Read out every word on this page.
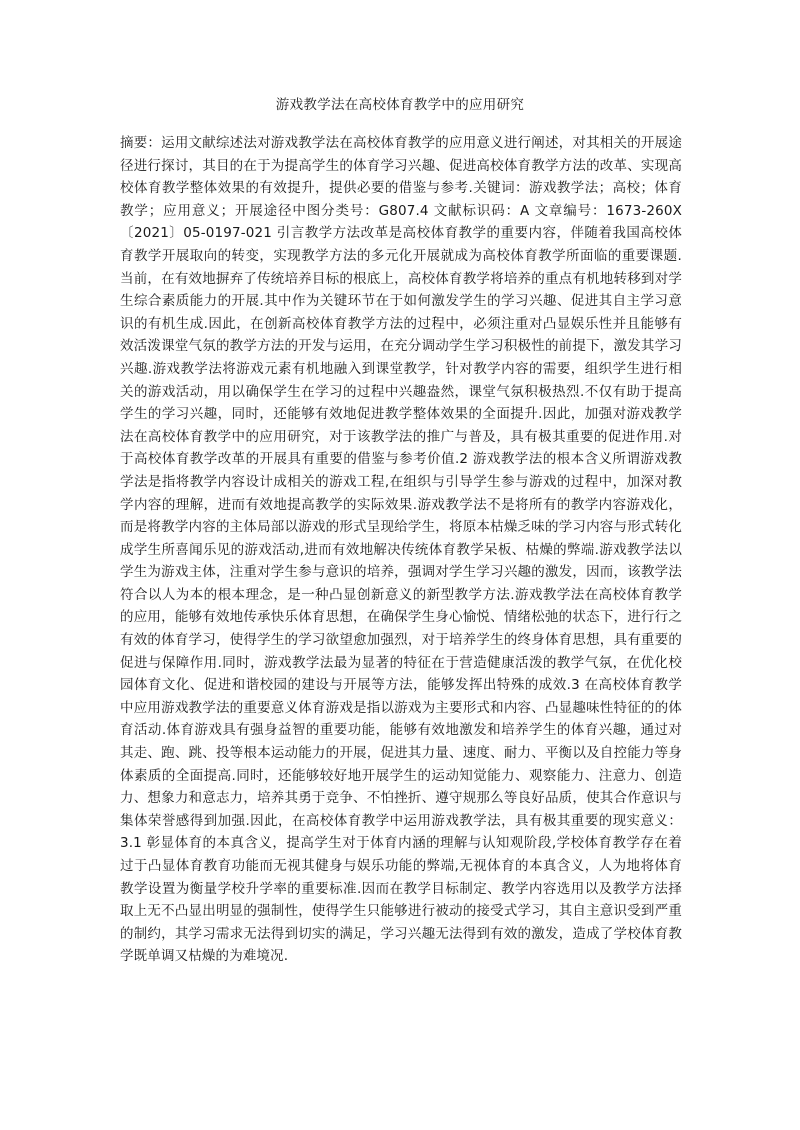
游戏教学法在高校体育教学中的应用研究

摘要：运用文献综述法对游戏教学法在高校体育教学的应用意义进行阐述，对其相关的开展途径进行探讨，其目的在于为提高学生的体育学习兴趣、促进高校体育教学方法的改革、实现高校体育教学整体效果的有效提升，提供必要的借鉴与参考.关键词：游戏教学法；高校；体育教学；应用意义；开展途径中图分类号：G807.4 文献标识码：A 文章编号：1673-260X〔2021〕05-0197-021 引言教学方法改革是高校体育教学的重要内容，伴随着我国高校体育教学开展取向的转变，实现教学方法的多元化开展就成为高校体育教学所面临的重要课题.当前，在有效地摒弃了传统培养目标的根底上，高校体育教学将培养的重点有机地转移到对学生综合素质能力的开展.其中作为关键环节在于如何激发学生的学习兴趣、促进其自主学习意识的有机生成.因此，在创新高校体育教学方法的过程中，必须注重对凸显娱乐性并且能够有效活泼课堂气氛的教学方法的开发与运用，在充分调动学生学习积极性的前提下，激发其学习兴趣.游戏教学法将游戏元素有机地融入到课堂教学，针对教学内容的需要，组织学生进行相关的游戏活动，用以确保学生在学习的过程中兴趣盎然，课堂气氛积极热烈.不仅有助于提高学生的学习兴趣，同时，还能够有效地促进教学整体效果的全面提升.因此，加强对游戏教学法在高校体育教学中的应用研究，对于该教学法的推广与普及，具有极其重要的促进作用.对于高校体育教学改革的开展具有重要的借鉴与参考价值.2 游戏教学法的根本含义所谓游戏教学法是指将教学内容设计成相关的游戏工程,在组织与引导学生参与游戏的过程中，加深对教学内容的理解，进而有效地提高教学的实际效果.游戏教学法不是将所有的教学内容游戏化，而是将教学内容的主体局部以游戏的形式呈现给学生，将原本枯燥乏味的学习内容与形式转化成学生所喜闻乐见的游戏活动,进而有效地解决传统体育教学呆板、枯燥的弊端.游戏教学法以学生为游戏主体，注重对学生参与意识的培养，强调对学生学习兴趣的激发，因而，该教学法符合以人为本的根本理念，是一种凸显创新意义的新型教学方法.游戏教学法在高校体育教学的应用，能够有效地传承快乐体育思想，在确保学生身心愉悦、情绪松弛的状态下，进行行之有效的体育学习，使得学生的学习欲望愈加强烈，对于培养学生的终身体育思想，具有重要的促进与保障作用.同时，游戏教学法最为显著的特征在于营造健康活泼的教学气氛，在优化校园体育文化、促进和谐校园的建设与开展等方法，能够发挥出特殊的成效.3 在高校体育教学中应用游戏教学法的重要意义体育游戏是指以游戏为主要形式和内容、凸显趣味性特征的的体育活动.体育游戏具有强身益智的重要功能，能够有效地激发和培养学生的体育兴趣，通过对其走、跑、跳、投等根本运动能力的开展，促进其力量、速度、耐力、平衡以及自控能力等身体素质的全面提高.同时，还能够较好地开展学生的运动知觉能力、观察能力、注意力、创造力、想象力和意志力，培养其勇于竞争、不怕挫折、遵守规那么等良好品质，使其合作意识与集体荣誉感得到加强.因此，在高校体育教学中运用游戏教学法，具有极其重要的现实意义：3.1 彰显体育的本真含义，提高学生对于体育内涵的理解与认知观阶段,学校体育教学存在着过于凸显体育教育功能而无视其健身与娱乐功能的弊端,无视体育的本真含义，人为地将体育教学设置为衡量学校升学率的重要标准.因而在教学目标制定、教学内容选用以及教学方法择取上无不凸显出明显的强制性，使得学生只能够进行被动的接受式学习，其自主意识受到严重的制约，其学习需求无法得到切实的满足，学习兴趣无法得到有效的激发，造成了学校体育教学既单调又枯燥的为难境况.
